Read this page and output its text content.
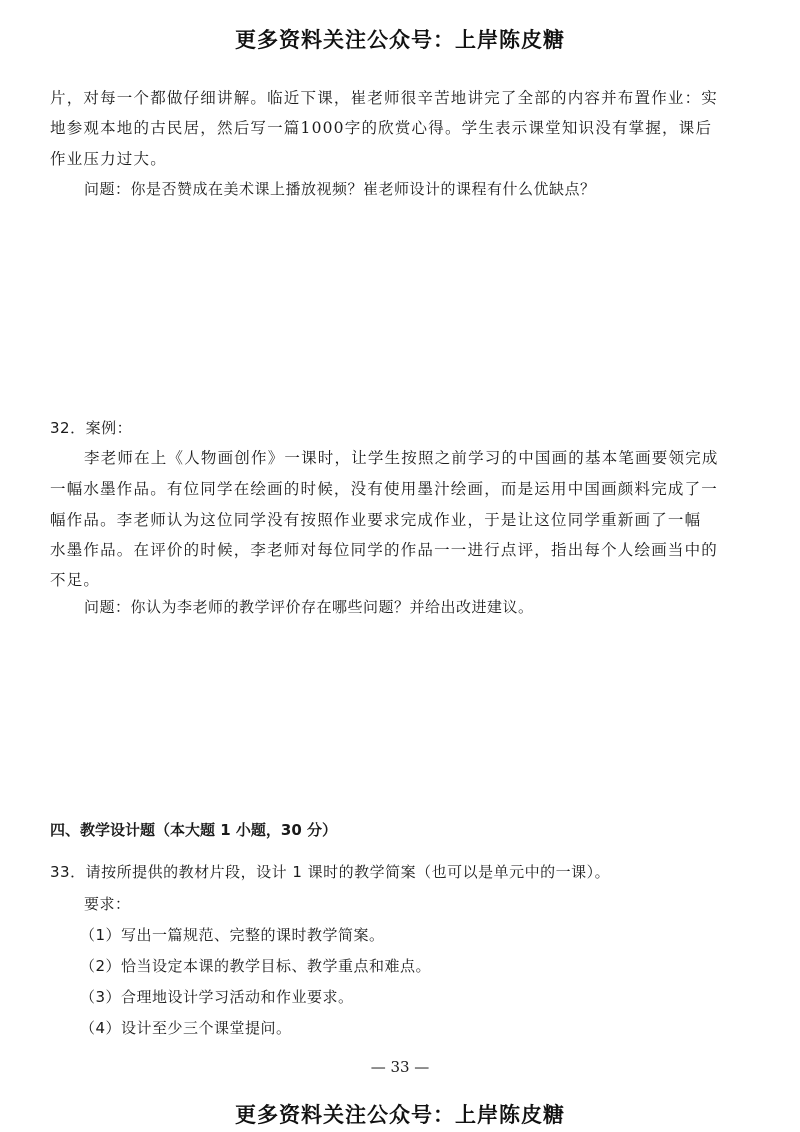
更多资料关注公众号：上岸陈皮糖
片，对每一个都做仔细讲解。临近下课，崔老师很辛苦地讲完了全部的内容并布置作业：实
地参观本地的古民居，然后写一篇1000字的欣赏心得。学生表示课堂知识没有掌握，课后
作业压力过大。
问题：你是否赞成在美术课上播放视频？崔老师设计的课程有什么优缺点？
32．案例：
李老师在上《人物画创作》一课时，让学生按照之前学习的中国画的基本笔画要领完成
一幅水墨作品。有位同学在绘画的时候，没有使用墨汁绘画，而是运用中国画颜料完成了一
幅作品。李老师认为这位同学没有按照作业要求完成作业，于是让这位同学重新画了一幅
水墨作品。在评价的时候，李老师对每位同学的作品一一进行点评，指出每个人绘画当中的
不足。
问题：你认为李老师的教学评价存在哪些问题？并给出改进建议。
四、教学设计题（本大题 1 小题，30 分）
33．请按所提供的教材片段，设计 1 课时的教学简案（也可以是单元中的一课）。
要求：
（1）写出一篇规范、完整的课时教学简案。
（2）恰当设定本课的教学目标、教学重点和难点。
（3）合理地设计学习活动和作业要求。
（4）设计至少三个课堂提问。
— 33 —
更多资料关注公众号：上岸陈皮糖
